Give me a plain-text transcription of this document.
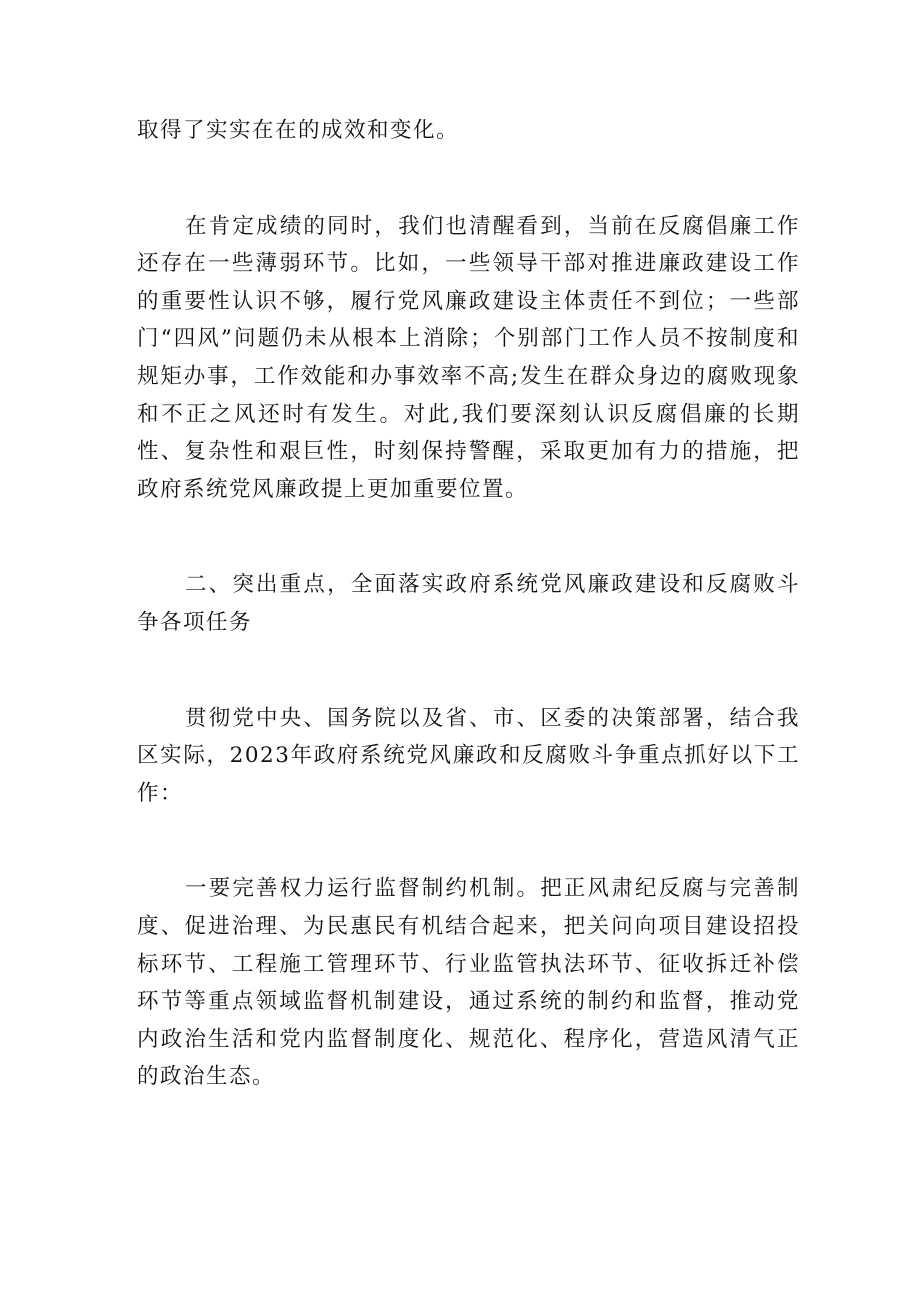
取得了实实在在的成效和变化。

在肯定成绩的同时，我们也清醒看到，当前在反腐倡廉工作还存在一些薄弱环节。比如，一些领导干部对推进廉政建设工作的重要性认识不够，履行党风廉政建设主体责任不到位；一些部门“四风”问题仍未从根本上消除；个别部门工作人员不按制度和规矩办事，工作效能和办事效率不高;发生在群众身边的腐败现象和不正之风还时有发生。对此,我们要深刻认识反腐倡廉的长期性、复杂性和艰巨性，时刻保持警醒，采取更加有力的措施，把政府系统党风廉政提上更加重要位置。

二、突出重点，全面落实政府系统党风廉政建设和反腐败斗争各项任务

贯彻党中央、国务院以及省、市、区委的决策部署，结合我区实际，2023年政府系统党风廉政和反腐败斗争重点抓好以下工作：

一要完善权力运行监督制约机制。把正风肃纪反腐与完善制度、促进治理、为民惠民有机结合起来，把关问向项目建设招投标环节、工程施工管理环节、行业监管执法环节、征收拆迁补偿环节等重点领域监督机制建设，通过系统的制约和监督，推动党内政治生活和党内监督制度化、规范化、程序化，营造风清气正的政治生态。
